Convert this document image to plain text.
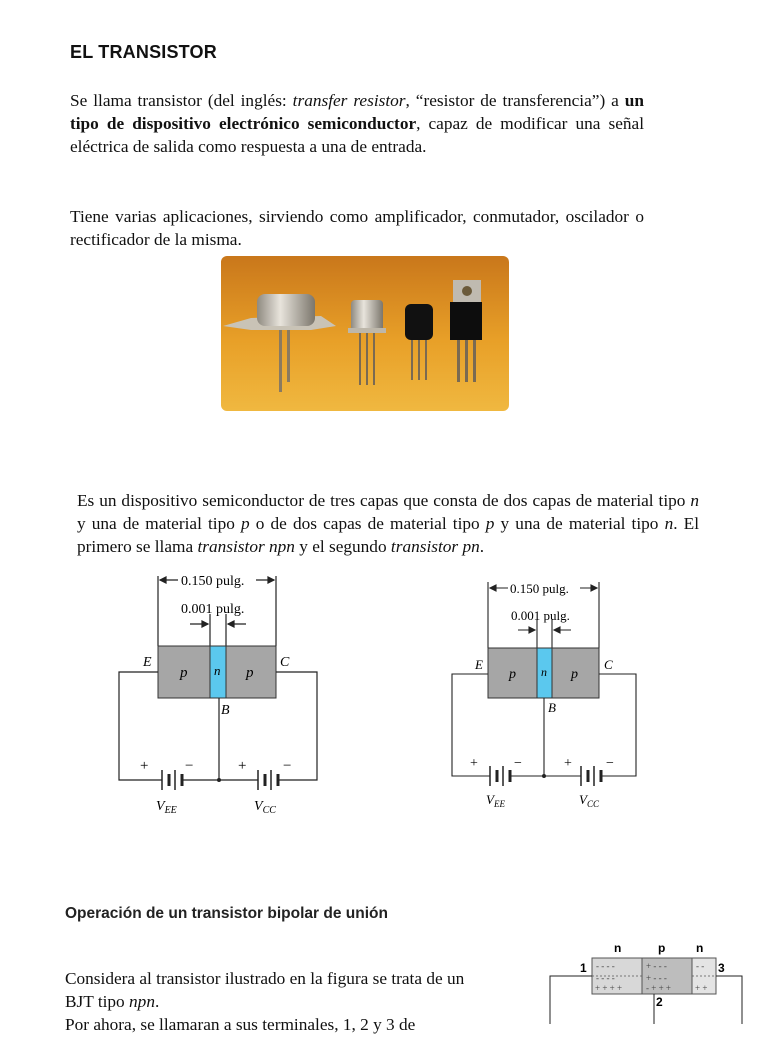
EL TRANSISTOR
Se llama transistor (del inglés: transfer resistor, “resistor de transferencia”) a un tipo de dispositivo electrónico semiconductor, capaz de modificar una señal eléctrica de salida como respuesta a una de entrada.
Tiene varias aplicaciones, sirviendo como amplificador, conmutador, oscilador o rectificador de la misma.
Es un dispositivo semiconductor de tres capas que consta de dos capas de material tipo n y una de material tipo p o de dos capas de material tipo p y una de material tipo n. El primero se llama transistor npn y el segundo transistor pn.
0.150 pulg.
0.001 pulg.
p n p
E	C
B
+ −	+ −
$V_{EE}$	$V_{CC}$
0.150 pulg.
0.001 pulg.
p n p
E	C
B
+	−	+ −
$V_{EE}$	$V_{CC}$
Operación de un transistor bipolar de unión
Considera al transistor ilustrado en la figura se trata de un BJT tipo npn.
Por ahora, se llamaran a sus terminales, 1, 2 y 3 de
n	p	n
- - - -
- - - -
+ + + +
+ - - -
+ - - -
- + + +
- -
+ +
1	3
2
